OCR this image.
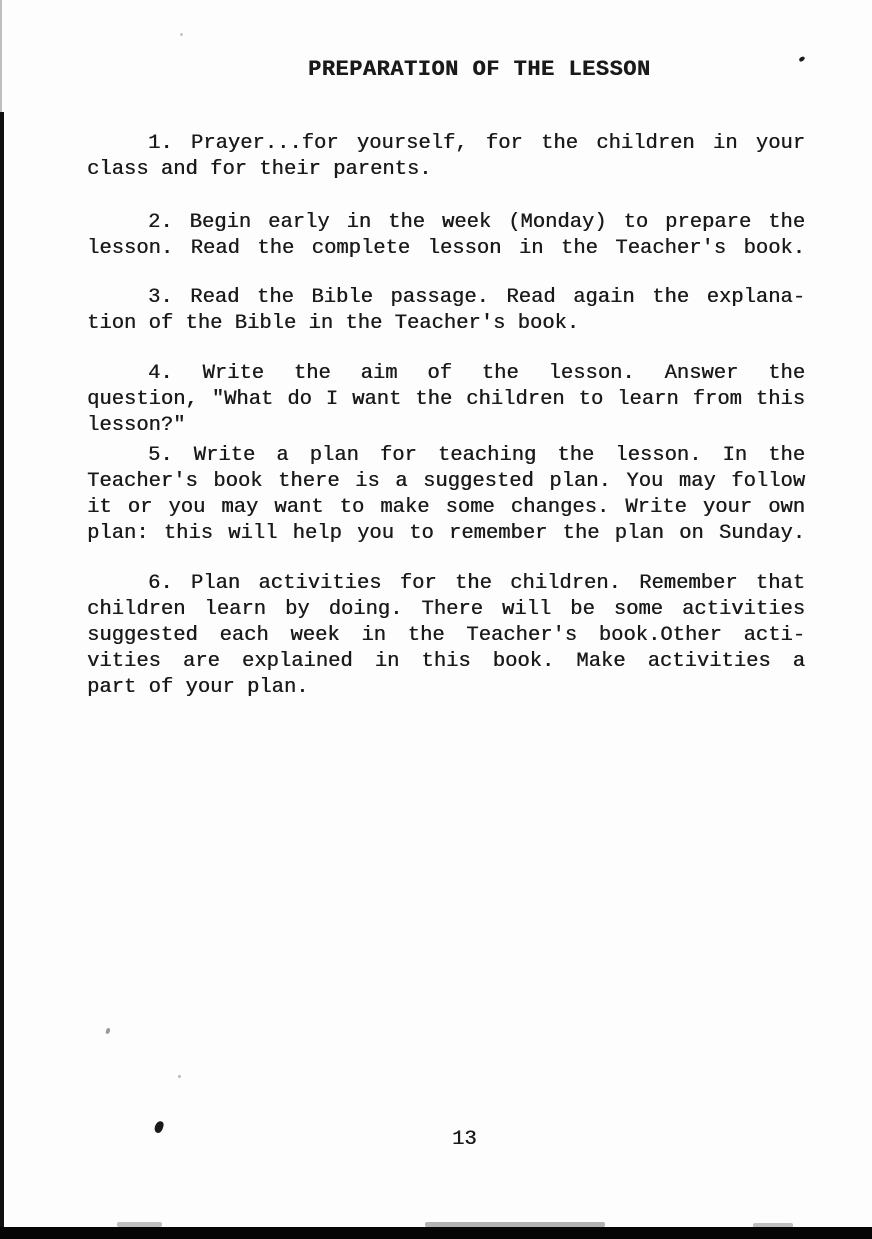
PREPARATION OF THE LESSON

1. Prayer...for yourself, for the children in your
class and for their parents.

2. Begin early in the week (Monday) to prepare the
lesson. Read the complete lesson in the Teacher's book.

3. Read the Bible passage. Read again the explana-
tion of the Bible in the Teacher's book.

4. Write the aim of the lesson. Answer the
question, "What do I want the children to learn from this
lesson?"

5. Write a plan for teaching the lesson. In the
Teacher's book there is a suggested plan. You may follow
it or you may want to make some changes. Write your own
plan: this will help you to remember the plan on Sunday.

6. Plan activities for the children. Remember that
children learn by doing. There will be some activities
suggested each week in the Teacher's book.Other acti-
vities are explained in this book. Make activities a
part of your plan.

13
